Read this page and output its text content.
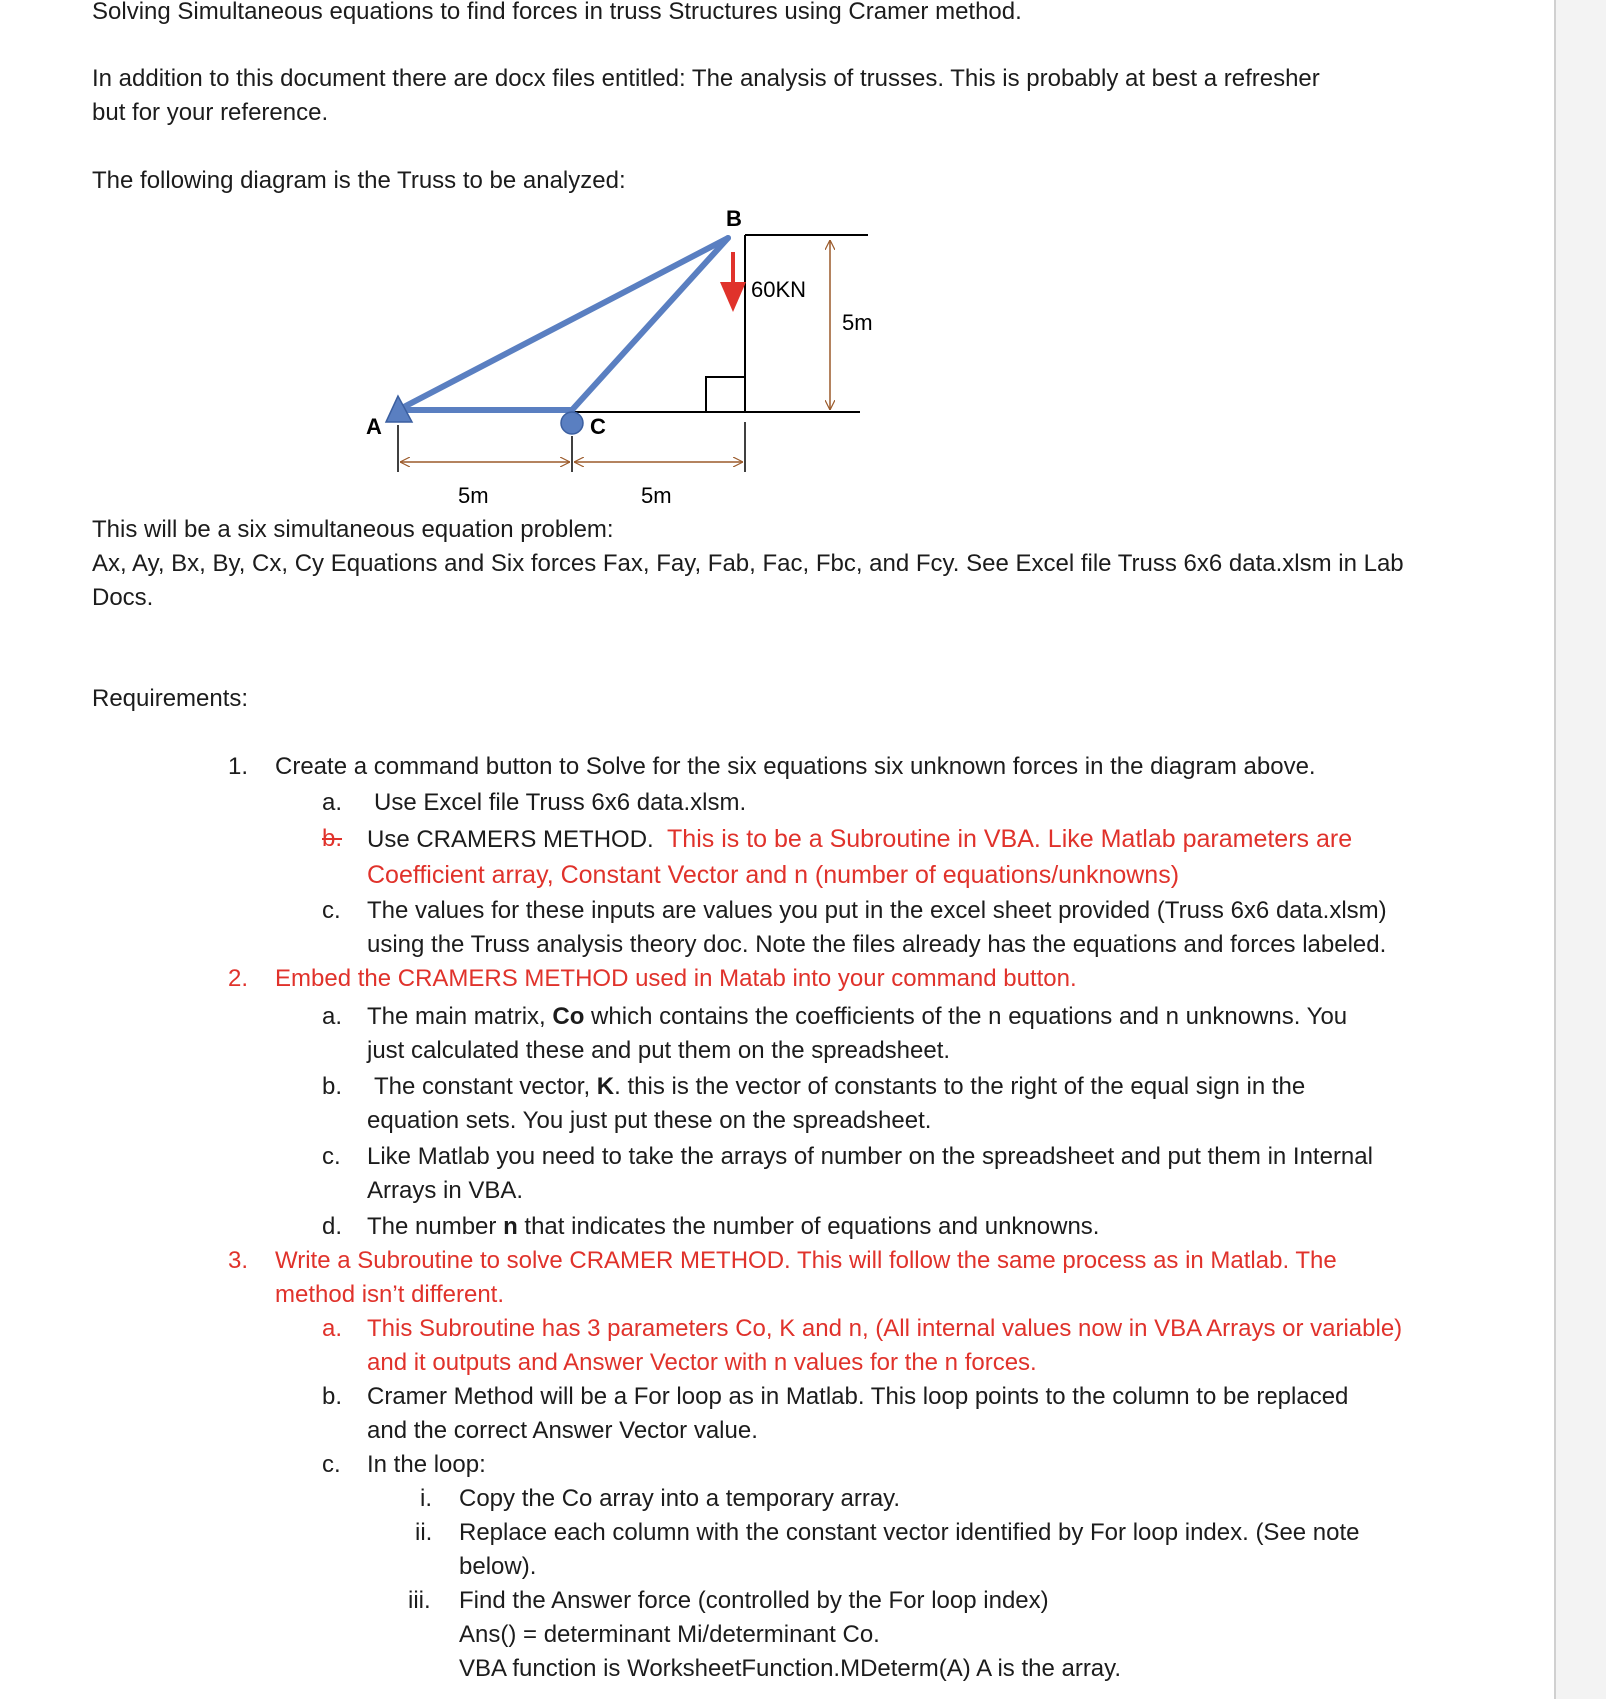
Solving Simultaneous equations to find forces in truss Structures using Cramer method.
In addition to this document there are docx files entitled: The analysis of trusses. This is probably at best a refresher
but for your reference.
The following diagram is the Truss to be analyzed:
B
A	C
60KN
5m
5m	5m
This will be a six simultaneous equation problem:
Ax, Ay, Bx, By, Cx, Cy Equations and Six forces Fax, Fay, Fab, Fac, Fbc, and Fcy. See Excel file Truss 6x6 data.xlsm in Lab
Docs.
Requirements:
1. Create a command button to Solve for the six equations six unknown forces in the diagram above.
a. Use Excel file Truss 6x6 data.xlsm.
b. Use CRAMERS METHOD. This is to be a Subroutine in VBA. Like Matlab parameters are
Coefficient array, Constant Vector and n (number of equations/unknowns)
c. The values for these inputs are values you put in the excel sheet provided (Truss 6x6 data.xlsm)
using the Truss analysis theory doc. Note the files already has the equations and forces labeled.
2. Embed the CRAMERS METHOD used in Matab into your command button.
a. The main matrix, Co which contains the coefficients of the n equations and n unknowns. You
just calculated these and put them on the spreadsheet.
b. The constant vector, K. this is the vector of constants to the right of the equal sign in the
equation sets. You just put these on the spreadsheet.
c. Like Matlab you need to take the arrays of number on the spreadsheet and put them in Internal
Arrays in VBA.
d. The number n that indicates the number of equations and unknowns.
3. Write a Subroutine to solve CRAMER METHOD. This will follow the same process as in Matlab. The
method isn’t different.
a. This Subroutine has 3 parameters Co, K and n, (All internal values now in VBA Arrays or variable)
and it outputs and Answer Vector with n values for the n forces.
b. Cramer Method will be a For loop as in Matlab. This loop points to the column to be replaced
and the correct Answer Vector value.
c. In the loop:
i. Copy the Co array into a temporary array.
ii. Replace each column with the constant vector identified by For loop index. (See note
below).
iii. Find the Answer force (controlled by the For loop index)
Ans() = determinant Mi/determinant Co.
VBA function is WorksheetFunction.MDeterm(A) A is the array.
